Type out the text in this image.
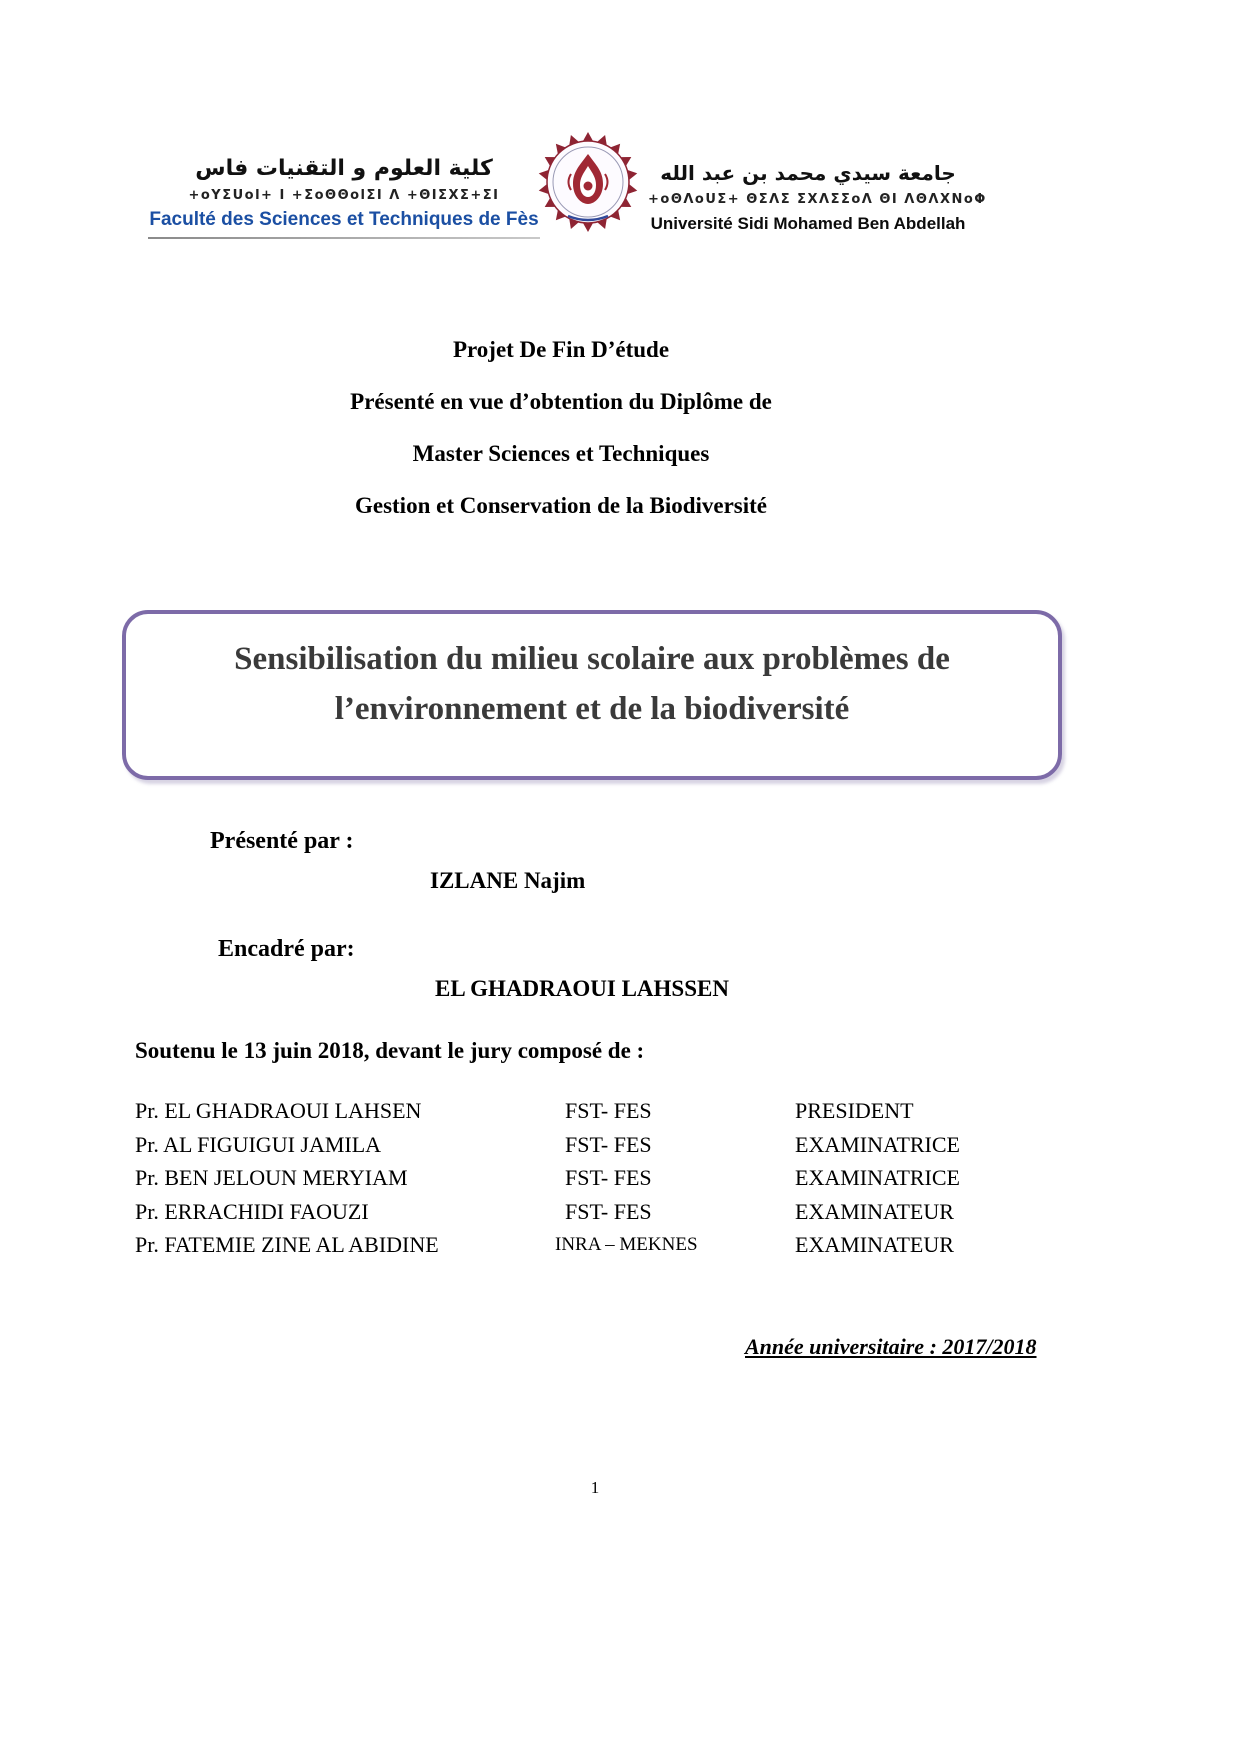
كلية العلوم و التقنيات فاس
+oYΣUol+ I +ΣoΘΘolΣI Λ +ΘIΣΧΣ+ΣI
Faculté des Sciences et Techniques de Fès
جامعة سيدي محمد بن عبد الله
+oΘΛoUΣ+ ΘΣΛΣ ΣΧΛΣΣoΛ ΘΙ ΛΘΛΧΝoΦ
Université Sidi Mohamed Ben Abdellah
Projet De Fin D’étude
Présenté en vue d’obtention du Diplôme de
Master Sciences et Techniques
Gestion et Conservation de la Biodiversité
Sensibilisation du milieu scolaire aux problèmes de
l’environnement et de la biodiversité
Présenté par :
IZLANE Najim
Encadré par:
EL GHADRAOUI LAHSSEN
Soutenu le 13 juin 2018, devant le jury composé de :
Pr. EL GHADRAOUI LAHSEN	FST- FES	PRESIDENT
Pr. AL FIGUIGUI JAMILA	FST- FES	EXAMINATRICE
Pr. BEN JELOUN MERYIAM	FST- FES	EXAMINATRICE
Pr. ERRACHIDI FAOUZI	FST- FES	EXAMINATEUR
Pr. FATEMIE ZINE AL ABIDINE	INRA – MEKNES	EXAMINATEUR
Année universitaire : 2017/2018
1
